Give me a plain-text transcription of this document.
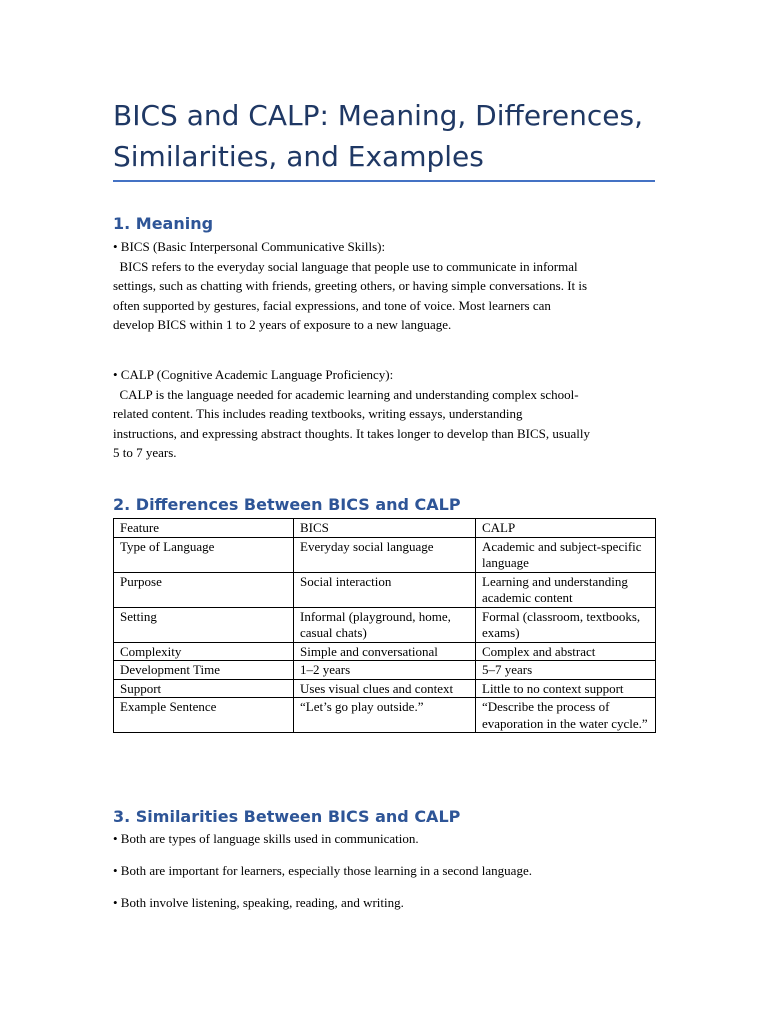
BICS and CALP: Meaning, Differences,
Similarities, and Examples
1. Meaning

• BICS (Basic Interpersonal Communicative Skills):
BICS refers to the everyday social language that people use to communicate in informal
settings, such as chatting with friends, greeting others, or having simple conversations. It is
often supported by gestures, facial expressions, and tone of voice. Most learners can
develop BICS within 1 to 2 years of exposure to a new language.

• CALP (Cognitive Academic Language Proficiency):
CALP is the language needed for academic learning and understanding complex school-
related content. This includes reading textbooks, writing essays, understanding
instructions, and expressing abstract thoughts. It takes longer to develop than BICS, usually
5 to 7 years.

2. Differences Between BICS and CALP
Feature	BICS	CALP
Type of Language	Everyday social language	Academic and subject-specific language
Purpose	Social interaction	Learning and understanding academic content
Setting	Informal (playground, home, casual chats)	Formal (classroom, textbooks, exams)
Complexity	Simple and conversational	Complex and abstract
Development Time	1–2 years	5–7 years
Support	Uses visual clues and context	Little to no context support
Example Sentence	“Let’s go play outside.”	“Describe the process of evaporation in the water cycle.”
3. Similarities Between BICS and CALP

• Both are types of language skills used in communication.

• Both are important for learners, especially those learning in a second language.

• Both involve listening, speaking, reading, and writing.
